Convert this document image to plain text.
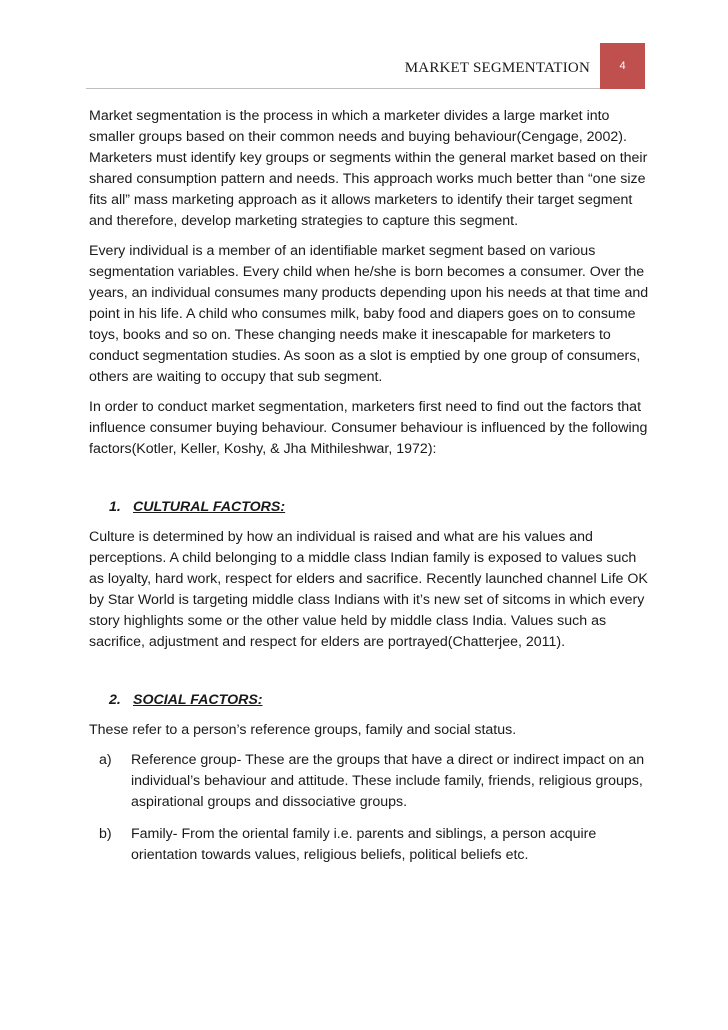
MARKET SEGMENTATION	4

Market segmentation is the process in which a marketer divides a large market into smaller groups based on their common needs and buying behaviour(Cengage, 2002). Marketers must identify key groups or segments within the general market based on their shared consumption pattern and needs. This approach works much better than “one size fits all” mass marketing approach as it allows marketers to identify their target segment and therefore, develop marketing strategies to capture this segment.

Every individual is a member of an identifiable market segment based on various segmentation variables. Every child when he/she is born becomes a consumer. Over the years, an individual consumes many products depending upon his needs at that time and point in his life. A child who consumes milk, baby food and diapers goes on to consume toys, books and so on. These changing needs make it inescapable for marketers to conduct segmentation studies. As soon as a slot is emptied by one group of consumers, others are waiting to occupy that sub segment.

In order to conduct market segmentation, marketers first need to find out the factors that influence consumer buying behaviour. Consumer behaviour is influenced by the following factors(Kotler, Keller, Koshy, & Jha Mithileshwar, 1972):

1. CULTURAL FACTORS:

Culture is determined by how an individual is raised and what are his values and perceptions. A child belonging to a middle class Indian family is exposed to values such as loyalty, hard work, respect for elders and sacrifice. Recently launched channel Life OK by Star World is targeting middle class Indians with it’s new set of sitcoms in which every story highlights some or the other value held by middle class India. Values such as sacrifice, adjustment and respect for elders are portrayed(Chatterjee, 2011).

2. SOCIAL FACTORS:

These refer to a person’s reference groups, family and social status.

a)	Reference group- These are the groups that have a direct or indirect impact on an individual’s behaviour and attitude. These include family, friends, religious groups, aspirational groups and dissociative groups.
b)	Family- From the oriental family i.e. parents and siblings, a person acquire orientation towards values, religious beliefs, political beliefs etc.
